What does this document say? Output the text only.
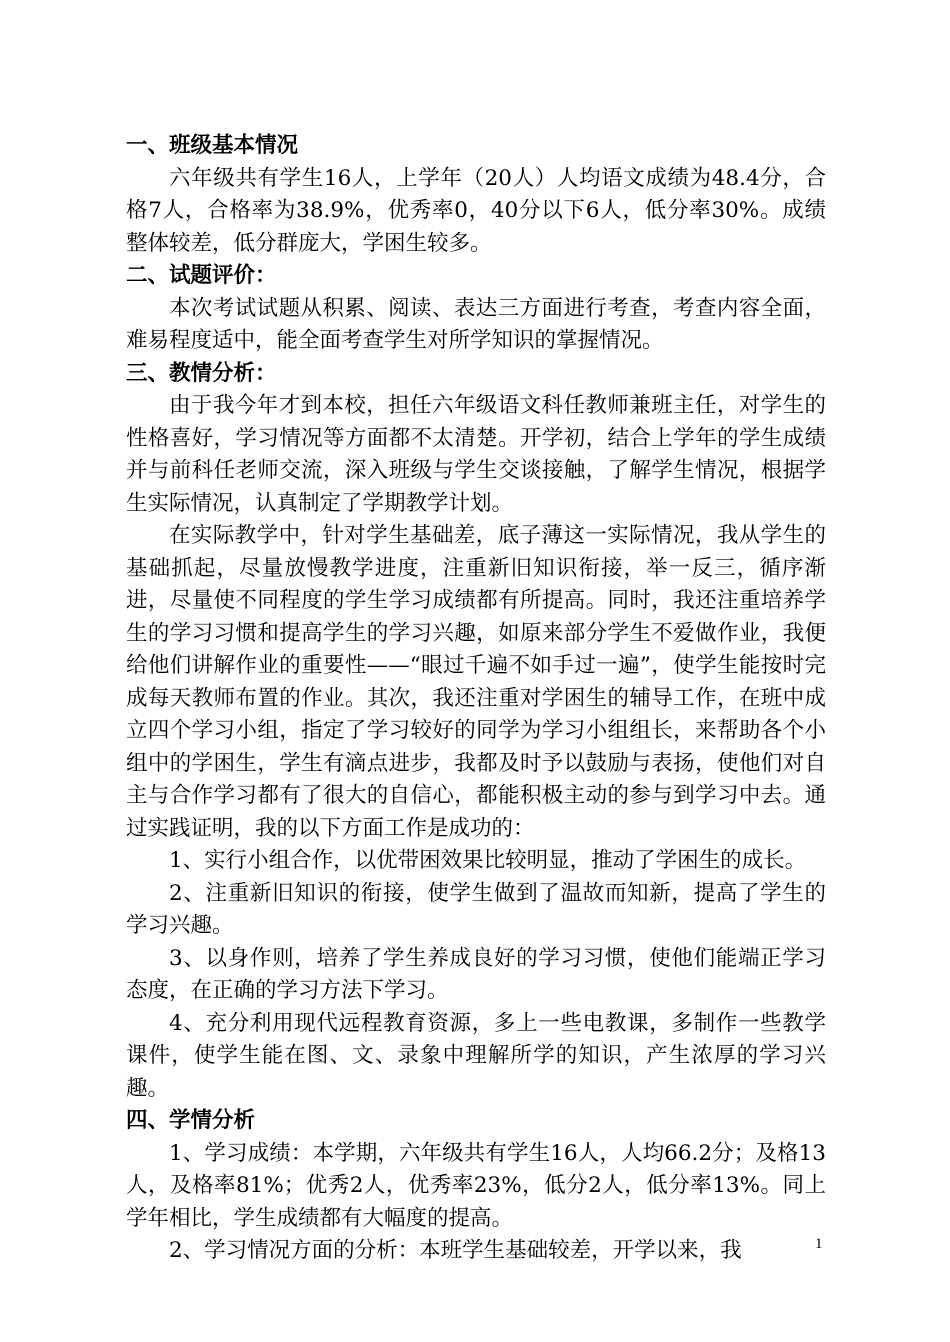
一、班级基本情况

六年级共有学生16人，上学年（20人）人均语文成绩为48.4分，合格7人，合格率为38.9%，优秀率0，40分以下6人，低分率30%。成绩整体较差，低分群庞大，学困生较多。

二、试题评价：

本次考试试题从积累、阅读、表达三方面进行考查，考查内容全面，难易程度适中，能全面考查学生对所学知识的掌握情况。

三、教情分析：

由于我今年才到本校，担任六年级语文科任教师兼班主任，对学生的性格喜好，学习情况等方面都不太清楚。开学初，结合上学年的学生成绩并与前科任老师交流，深入班级与学生交谈接触，了解学生情况，根据学生实际情况，认真制定了学期教学计划。

在实际教学中，针对学生基础差，底子薄这一实际情况，我从学生的基础抓起，尽量放慢教学进度，注重新旧知识衔接，举一反三，循序渐进，尽量使不同程度的学生学习成绩都有所提高。同时，我还注重培养学生的学习习惯和提高学生的学习兴趣，如原来部分学生不爱做作业，我便给他们讲解作业的重要性——“眼过千遍不如手过一遍”，使学生能按时完成每天教师布置的作业。其次，我还注重对学困生的辅导工作，在班中成立四个学习小组，指定了学习较好的同学为学习小组组长，来帮助各个小组中的学困生，学生有滴点进步，我都及时予以鼓励与表扬，使他们对自主与合作学习都有了很大的自信心，都能积极主动的参与到学习中去。通过实践证明，我的以下方面工作是成功的：

1、实行小组合作，以优带困效果比较明显，推动了学困生的成长。

2、注重新旧知识的衔接，使学生做到了温故而知新，提高了学生的学习兴趣。

3、以身作则，培养了学生养成良好的学习习惯，使他们能端正学习态度，在正确的学习方法下学习。

4、充分利用现代远程教育资源，多上一些电教课，多制作一些教学课件，使学生能在图、文、录象中理解所学的知识，产生浓厚的学习兴趣。

四、学情分析

1、学习成绩：本学期，六年级共有学生16人，人均66.2分；及格13人，及格率81%；优秀2人，优秀率23%，低分2人，低分率13%。同上学年相比，学生成绩都有大幅度的提高。

2、学习情况方面的分析：本班学生基础较差，开学以来，我	1
